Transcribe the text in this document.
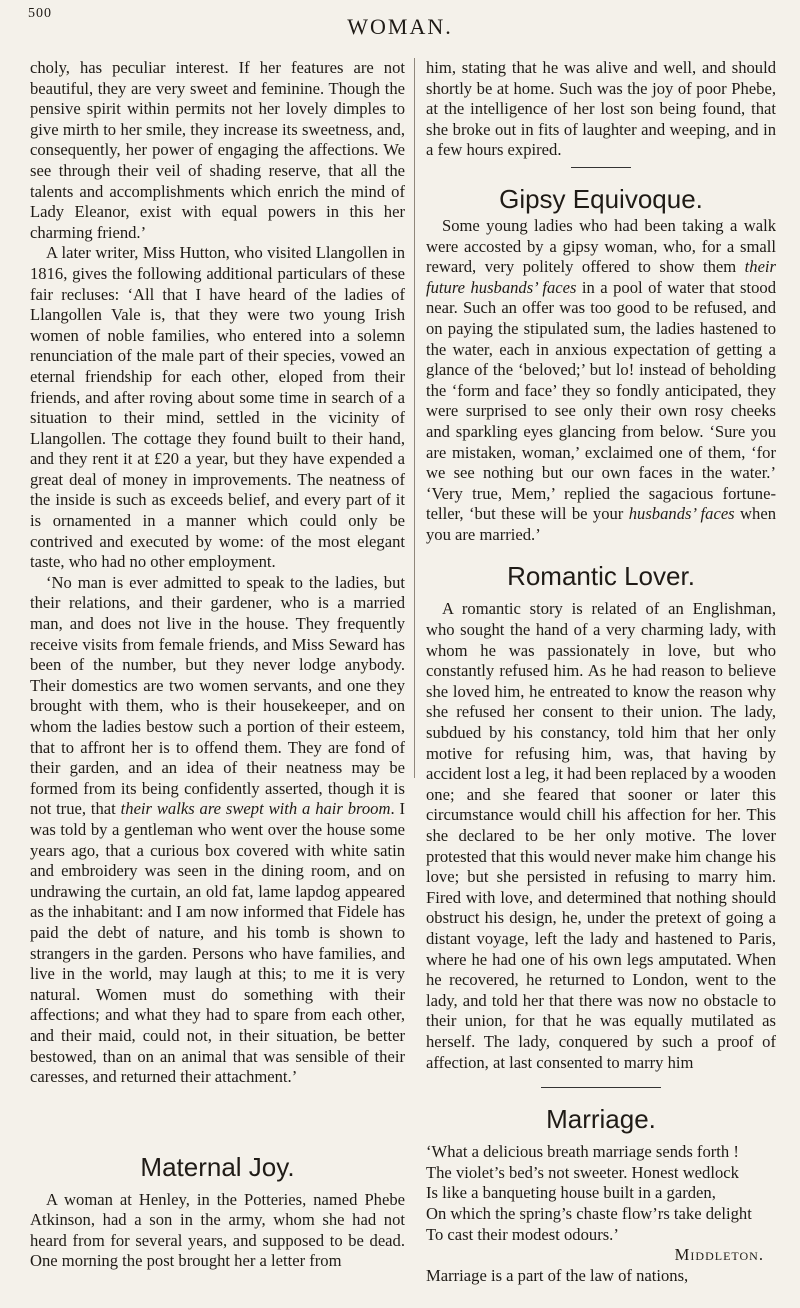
500
WOMAN.

choly, has peculiar interest. If her features are not beautiful, they are very sweet and feminine. Though the pensive spirit within permits not her lovely dimples to give mirth to her smile, they increase its sweetness, and, consequently, her power of engaging the affections. We see through their veil of shading reserve, that all the talents and accomplishments which enrich the mind of Lady Eleanor, exist with equal powers in this her charming friend.’

A later writer, Miss Hutton, who visited Llangollen in 1816, gives the following additional particulars of these fair recluses: ‘All that I have heard of the ladies of Llangollen Vale is, that they were two young Irish women of noble families, who entered into a solemn renunciation of the male part of their species, vowed an eternal friendship for each other, eloped from their friends, and after roving about some time in search of a situation to their mind, settled in the vicinity of Llangollen. The cottage they found built to their hand, and they rent it at £20 a year, but they have expended a great deal of money in improvements. The neatness of the inside is such as exceeds belief, and every part of it is ornamented in a manner which could only be contrived and executed by wome: of the most elegant taste, who had no other employment.

‘No man is ever admitted to speak to the ladies, but their relations, and their gardener, who is a married man, and does not live in the house. They frequently receive visits from female friends, and Miss Seward has been of the number, but they never lodge anybody. Their domestics are two women servants, and one they brought with them, who is their housekeeper, and on whom the ladies bestow such a portion of their esteem, that to affront her is to offend them. They are fond of their garden, and an idea of their neatness may be formed from its being confidently asserted, though it is not true, that their walks are swept with a hair broom. I was told by a gentleman who went over the house some years ago, that a curious box covered with white satin and embroidery was seen in the dining room, and on undrawing the curtain, an old fat, lame lapdog appeared as the inhabitant: and I am now informed that Fidele has paid the debt of nature, and his tomb is shown to strangers in the garden. Persons who have families, and live in the world, may laugh at this; to me it is very natural. Women must do something with their affections; and what they had to spare from each other, and their maid, could not, in their situation, be better bestowed, than on an animal that was sensible of their caresses, and returned their attachment.’

Maternal Joy.

A woman at Henley, in the Potteries, named Phebe Atkinson, had a son in the army, whom she had not heard from for several years, and supposed to be dead. One morning the post brought her a letter from

him, stating that he was alive and well, and should shortly be at home. Such was the joy of poor Phebe, at the intelligence of her lost son being found, that she broke out in fits of laughter and weeping, and in a few hours expired.

Gipsy Equivoque.

Some young ladies who had been taking a walk were accosted by a gipsy woman, who, for a small reward, very politely offered to show them their future husbands’ faces in a pool of water that stood near. Such an offer was too good to be refused, and on paying the stipulated sum, the ladies hastened to the water, each in anxious expectation of getting a glance of the ‘beloved;’ but lo! instead of beholding the ‘form and face’ they so fondly anticipated, they were surprised to see only their own rosy cheeks and sparkling eyes glancing from below. ‘Sure you are mistaken, woman,’ exclaimed one of them, ‘for we see nothing but our own faces in the water.’ ‘Very true, Mem,’ replied the sagacious fortune-teller, ‘but these will be your husbands’ faces when you are married.’

Romantic Lover.

A romantic story is related of an Englishman, who sought the hand of a very charming lady, with whom he was passionately in love, but who constantly refused him. As he had reason to believe she loved him, he entreated to know the reason why she refused her consent to their union. The lady, subdued by his constancy, told him that her only motive for refusing him, was, that having by accident lost a leg, it had been replaced by a wooden one; and she feared that sooner or later this circumstance would chill his affection for her. This she declared to be her only motive. The lover protested that this would never make him change his love; but she persisted in refusing to marry him. Fired with love, and determined that nothing should obstruct his design, he, under the pretext of going a distant voyage, left the lady and hastened to Paris, where he had one of his own legs amputated. When he recovered, he returned to London, went to the lady, and told her that there was now no obstacle to their union, for that he was equally mutilated as herself. The lady, conquered by such a proof of affection, at last consented to marry him

Marriage.

‘What a delicious breath marriage sends forth !

The violet’s bed’s not sweeter. Honest wedlock

Is like a banqueting house built in a garden,

On which the spring’s chaste flow’rs take delight

To cast their modest odours.’

Middleton.

Marriage is a part of the law of nations,
